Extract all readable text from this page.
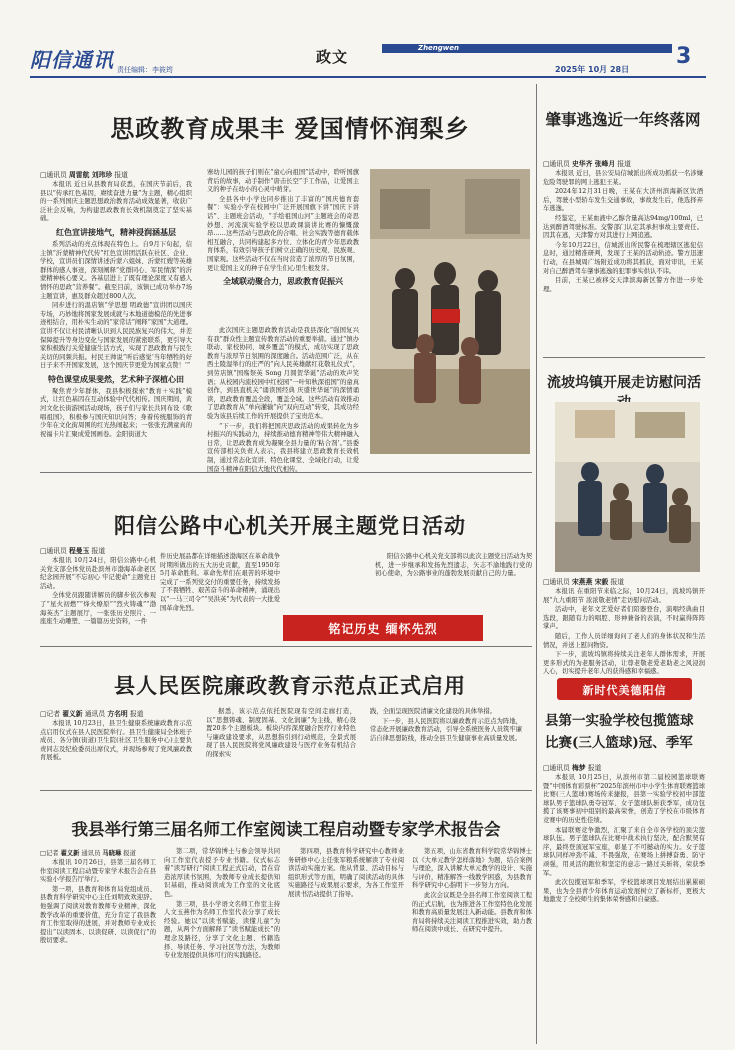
阳信通讯 责任编辑：李筱筠
政文	Zhengwen
2025年 10月 28日
3
思政教育成果丰 爱国情怀润梨乡
□通讯员 周雷航 刘玮珍 报道

本报讯 近日从县教育局获悉，在国庆节前后，我县以“传承红色基因，赓续奋进力量”为主题，精心组织的一系列国庆主题思想政治教育活动成效显著，收获广泛社会反响，为构建思政教育长效机制奠定了坚实基础。

红色宣讲接地气，精神浸润涵基层

系列活动的亮点体现在特色上。自9月下旬起，信主镇“沂蒙精神代代传”红色宣讲团活跃在社区、企业、学校，宣讲员们深情讲述沂蒙六姐妹、沂蒙红嫂等英雄群体的感人事迹，深刻阐释“党群同心、军民情深”的沂蒙精神核心要义。各基层进上了既有理论深度又有感人情怀的思政“营养餐”。截至目前，该镇已成功举办7场主题宣讲，惠及群众超过800人次。

同步进行的温店镇“学思想 明政德”宣讲团以国庆专场，巧妙地将国家发展成就与本地道德模范的先进事迹相结合，用朴实生动的“家常话”阐释“家国”大道理。宣讲不仅让村民清晰认识到人民民族复兴的伟大，并差保障提升等身边变化与国家发展的紧密联系，更引导大家积极践行关爱健康生活方式，实现了思政教育与民生关切的同频共振。村民王帅说“听后感觉‘当年牺牲的好日子来不开国家发展，这个国庆节更爱为国家点赞！’”

特色课堂成果斐然，艺术种子深植心田

聚焦青少年群体，我县积极探索“教育＋实践”模式，让红色基因在互动体验中代代相传。国庆期间，黄河文化长街游园活动现场，孩子们与家长共同布设《歌唱祖国》，积极参与国庆知识问答；身着传统服饰的青少年在文化街周围的红光热闹起来；一张张充满童真的祝福卡片汇聚成爱国画卷。金阳街道大

寨幼儿园的孩子们则在“童心向祖国”活动中，聆听国旗背后的故事，动手制作“唐击长空”手工作品，让爱国主义的种子在幼小的心灵中萌芽。

全县各中小学也同步推出了丰富的“国庆德育套餐”：实验小学在校园中广泛开展国旗下讲“国庆下讲话”、主题班会活动，“手绘祖国山河”主题班会的奇思妙想、河流演实验学校以思政课演讲比赛的慷慨激昂……这些活动与思政化的合唱、社会实践等德育载体相互融合，共同构建起多方位、立体化的青少年思政教育体系，有效引导孩子们树立正确的历史观、民族观、国家观。这些活动不仅在当时营造了浓厚的节日氛围，更让爱国主义的种子在学生们心里生根发芽。

全域联动聚合力，思政教育促振兴

此次国庆主题思政教育活动是我县深化“强国复兴有我”群众性主题宣传教育活动的重要举措。通过“镇办联动、家校协同、城乡覆盖”的模式，成功实现了思政教育与浓厚节日氛围的深度融合。活动范围广泛，从在西土陵湿举行的庄严的“向人民英雄献红花敬礼仪式”，到劳店镇“国殇祭英 Song 月圆贺华诞”活动的欢声笑语；从校园内流校园中红校园“一叶知秋深祖国”的童真创作，到县直机关“诵读国经典 庆盛世华诞”的深情诵读，思政教育覆盖全段，覆盖全域。这些活动有效推动了思政教育从“单向灌输”向“双向互动”转变，其成功经验为该县后续工作的开展提供了宝贵范本。

“下一步，我们将把国庆思政活动的成果转化为乡村振兴的实践动力，持续推动德育精神等伟大精神融入日常，让思政教育成为凝聚全县力量的‘粘合剂’。”县委宣传部相关负责人表示，我县将建立思政教育长效机制，通过常态化宣讲、特色化课堂、全域化行动，让爱国奋斗精神在阳信大地代代相传。

阳信公路中心机关开展主题党日活动
□通讯员 程曼玉 报道

本报讯 10月24日，阳信公路中心机关党支部全体党员赴滨州市渤海革命老区纪念园开展“不忘初心 牢记使命”主题党日活动。

全体党员跟随讲解员的脚步依次参观了“星火初燃”“烽火燎原”“烈火铸魂”“渤海英杰”主题展厅，一张张历史照片、一座座生动雕塑、一篇篇历史资料，一件

件历史展品都在详细描述渤海区在革命战争时期所做出的五大历史贡献，直至1950年5月革命胜利。革命先辈们在艰苦的环境中完成了一系列党交付的重要任务，持续发扬了不畏牺牲、艰苦奋斗的革命精神，涌现出以“一马三司令”“吴洪英”为代表的一大批爱国革命先烈。

阳信公路中心机关党支部将以此次主题党日活动为契机，进一步继承和发扬先烈遗志，矢志不渝地践行党的初心使命，为公路事业的蓬勃发展贡献自己的力量。

铭记历史 缅怀先烈
县人民医院廉政教育示范点正式启用
□记者 翟义新 通讯员 方名明 报道

本报讯 10月23日，县卫生健康系统廉政教育示范点启用仪式在县人民医院举行。县卫生健康局全体班子成员、各分镇(街道)卫生院(社区卫生服务中心)主要负责同志及纪检委员出席仪式，并现场参观了党风廉政教育展板。

据悉，该示范点依托医院现有空间走廊打造，以“思想铸魂、制度固基、文化润廉”为主线，精心设置20多个主题板块。板块内容深度融合医疗行业特色与廉政建设要求，从思想指引到行动规范，全景式展现了县人民医院将党风廉政建设与医疗业务有机结合的探索实

践，全面呈现医院清廉文化建设的具体举措。

下一步，县人民医院将以廉政教育示范点为阵地，常态化开展廉政教育活动，引导全系统医务人员筑牢廉洁自律思想防线，推动全县卫生健康事业高质量发展。

我县举行第三届名师工作室阅读工程启动暨专家学术报告会
□记者 翟义新 通讯员 马晓琳 报道

本报讯 10月26日，县第三届名师工作室阅读工程启动暨专家学术报告会在县实验小学报告厅举行。

第一项，县教育和体育局党组成员、县教育科学研究中心主任刘明致欢迎辞。他强调了阅读对教育教师专业精神、深化教学改革的重要价值，充分肯定了我县教育工作室取得的进展，并对教师专业成长提出“以读固本、以读促研、以读促行”的殷切要求。

第二项，常华锦博士与参会领导共同向工作室代表授予专业书籍。仪式标志着“读写研行”阅读工程正式启动，旨在营造浓厚读书氛围，为教师专业成长提供知识基础，推动阅读成为工作室的文化底色。

第三项，县小学语文名师工作室主持人文玉燕作为名师工作室代表分享了成长经验。她以“以读书赋能，读懂儿童”为题，从两个方面解释了“读书赋能成长”的理念及路径，分享了文化主题、书籍选择、导读任务、学习社区等方法，为教师专业发展提供具体可行的实践路径。

第四项，县教育科学研究中心教师业务研修中心主任张军粮系统解读了专业阅读活动实施方案。他从背景、活动目标与组织形式等方面，明确了阅读活动的具体实施路径与成果展示要求，为各工作室开展读书活动提供了指导。

第五项，山东省教育科学院常华锦博士以《大单元教学怎样落地》为题，结合案例与理论，深入讲解大单元教学的设计、实施与评价，精准解答一线教学困惑，为县教育科学研究中心指明下一步努力方向。

此次会议既是全县名师工作室阅读工程的正式启航，也为推进各工作室特色化发展和教育高质量发展注入新动能。县教育和体育局将持续关注阅读工程推进实效，助力教师在阅读中成长、在研究中提升。

肇事逃逸近一年终落网
□通讯员 史华齐 张峰月 报道

本报讯 近日，县公安局信城派出所成功抓获一名涉嫌危险驾驶罪的网上逃犯王某。

2024年12月31日晚，王某在大济州滨海新区饮酒后，驾驶小型轿车发生交通事故，事故发生后，他选择弃车逃逸。

经鉴定，王某血液中乙醇含量高达94mg/100ml，已达到醉酒驾驶标准。交警部门认定其承担事故主要责任。因其在逃，天津警方对其进行上网追逃。

今年10月22日，信城派出所民警在梳理辖区逃犯信息时，通过精准研判，发现了王某的活动轨迹。警方迅速行动，在县城周广场附近成功将其抓获，面对审讯，王某对自己醉酒驾车肇事逃逸的犯罪事实供认不讳。

目前，王某已被移交天津滨海新区警方作进一步处理。

流坡坞镇开展走访慰问活
□通讯员 宋燕燕 宋毅 报道

本报讯 在重阳节来临之际，10月24日，流坡坞镇开展“九九重阳节 浓浓敬老情”走访慰问活动。

活动中，老年文艺爱好者们陪器登台，演唱经典曲目选段，跟随有力的唱腔、形神兼备的表演，不时赢得阵阵掌声。

随后，工作人员详细询问了老人们的身体状况和生活情况，并送上慰问物资。

下一步，流坡坞镇将持续关注老年人群体需求，开展更多形式的为老服务活动，让尊老敬老爱老助老之风浸润人心，切实提升老年人的获得感和幸福感。

新时代美德阳信
县第一实验学校包揽篮球比赛(三人篮球)冠、季军
□通讯员 梅梦 报道

本报讯 10月25日，从滨州市第二届校园篮球联赛暨“中国体育彩票杯”2025年滨州市中小学生体育联赛篮球比赛(三人篮球)赛场传来捷报，县第一实验学校初中部篮球队男子篮球队勇夺冠军、女子篮球队斩获季军，成功包揽了该赛事初中组别的最高荣誉，创造了学校在市级体育竞赛中的历史性佳绩。

本届联赛竞争激烈，汇聚了来自全市各学校的顶尖篮球队伍。男子篮球队在比赛中战术执行坚决，配合默契有序，最终登顶冠军宝座，彰显了不可撼动的实力。女子篮球队同样冲劲不减、不畏强敌，在赛场上拼搏奋勇、防守顽强，用灵活的跑位和坚定的意志一路过关斩将，荣获季军。

此次包揽冠军和季军，学校篮球项目发展结出累累硕果，也为全县青少年体育运动发展树立了新标杆，更极大地激发了全校师生的集体荣誉感和自豪感。
